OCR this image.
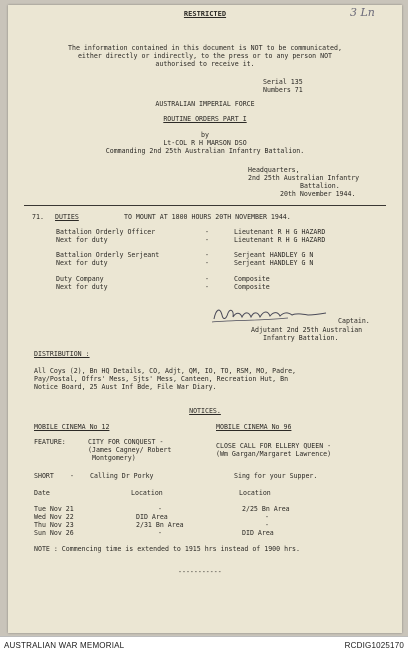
RESTRICTED	3 Ln
The information contained in this document is NOT to be communicated,
either directly or indirectly, to the press or to any person NOT
authorised to receive it.
Serial 135
Numbers 71
AUSTRALIAN IMPERIAL FORCE
ROUTINE ORDERS PART I
by
Lt-COL R H MARSON DSO
Commanding 2nd 25th Australian Infantry Battalion.
Headquarters,
2nd 25th Australian Infantry
Battalion.
20th November 1944.
71. DUTIES	TO MOUNT AT 1800 HOURS 20TH NOVEMBER 1944.
Battalion Orderly Officer	-	Lieutenant R H G HAZARD
Next for duty	-	Lieutenant R H G HAZARD
Battalion Orderly Serjeant	-	Serjeant HANDLEY G N
Next for duty	-	Serjeant HANDLEY G N
Duty Company	-	Composite
Next for duty	-	Composite
Captain.
Adjutant 2nd 25th Australian
Infantry Battalion.
DISTRIBUTION :
All Coys (2), Bn HQ Details, CO, Adjt, QM, IO, TO, RSM, MO, Padre,
Pay/Postal, Offrs' Mess, Sjts' Mess, Canteen, Recreation Hut, Bn
Notice Board, 25 Aust Inf Bde, File War Diary.
NOTICES.
MOBILE CINEMA No 12	MOBILE CINEMA No 96
FEATURE:	CITY FOR CONQUEST -
(James Cagney/ Robert
Montgomery)
CLOSE CALL FOR ELLERY QUEEN -
(Wm Gargan/Margaret Lawrence)
SHORT - Calling Dr Porky	Sing for your Supper.
Date	Location	Location
Tue Nov 21	-	2/25 Bn Area
Wed Nov 22	DID Area	-
Thu Nov 23	2/31 Bn Area	-
Sun Nov 26	-	DID Area
NOTE : Commencing time is extended to 1915 hrs instead of 1900 hrs.
-----------
AUSTRALIAN WAR MEMORIAL	RCDIG1025170
